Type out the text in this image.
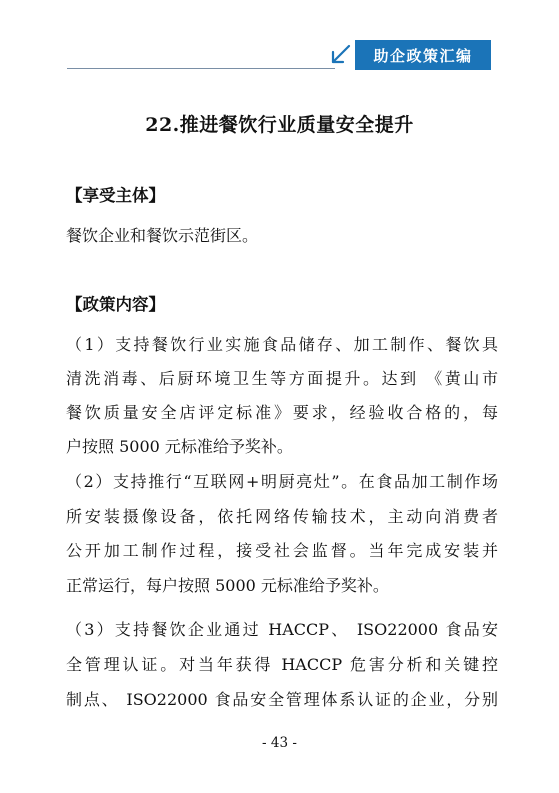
助企政策汇编
22.推进餐饮行业质量安全提升
【享受主体】
餐饮企业和餐饮示范街区。
【政策内容】
（1）支持餐饮行业实施食品储存、加工制作、餐饮具
清洗消毒、后厨环境卫生等方面提升。达到 《黄山市
餐饮质量安全店评定标准》要求，经验收合格的，每
户按照 5000 元标准给予奖补。
（2）支持推行“互联网+明厨亮灶”。在食品加工制作场
所安装摄像设备，依托网络传输技术，主动向消费者
公开加工制作过程，接受社会监督。当年完成安装并
正常运行，每户按照 5000 元标准给予奖补。
（3）支持餐饮企业通过 HACCP、 ISO22000 食品安
全管理认证。对当年获得 HACCP 危害分析和关键控
制点、 ISO22000 食品安全管理体系认证的企业，分别
- 43 -
